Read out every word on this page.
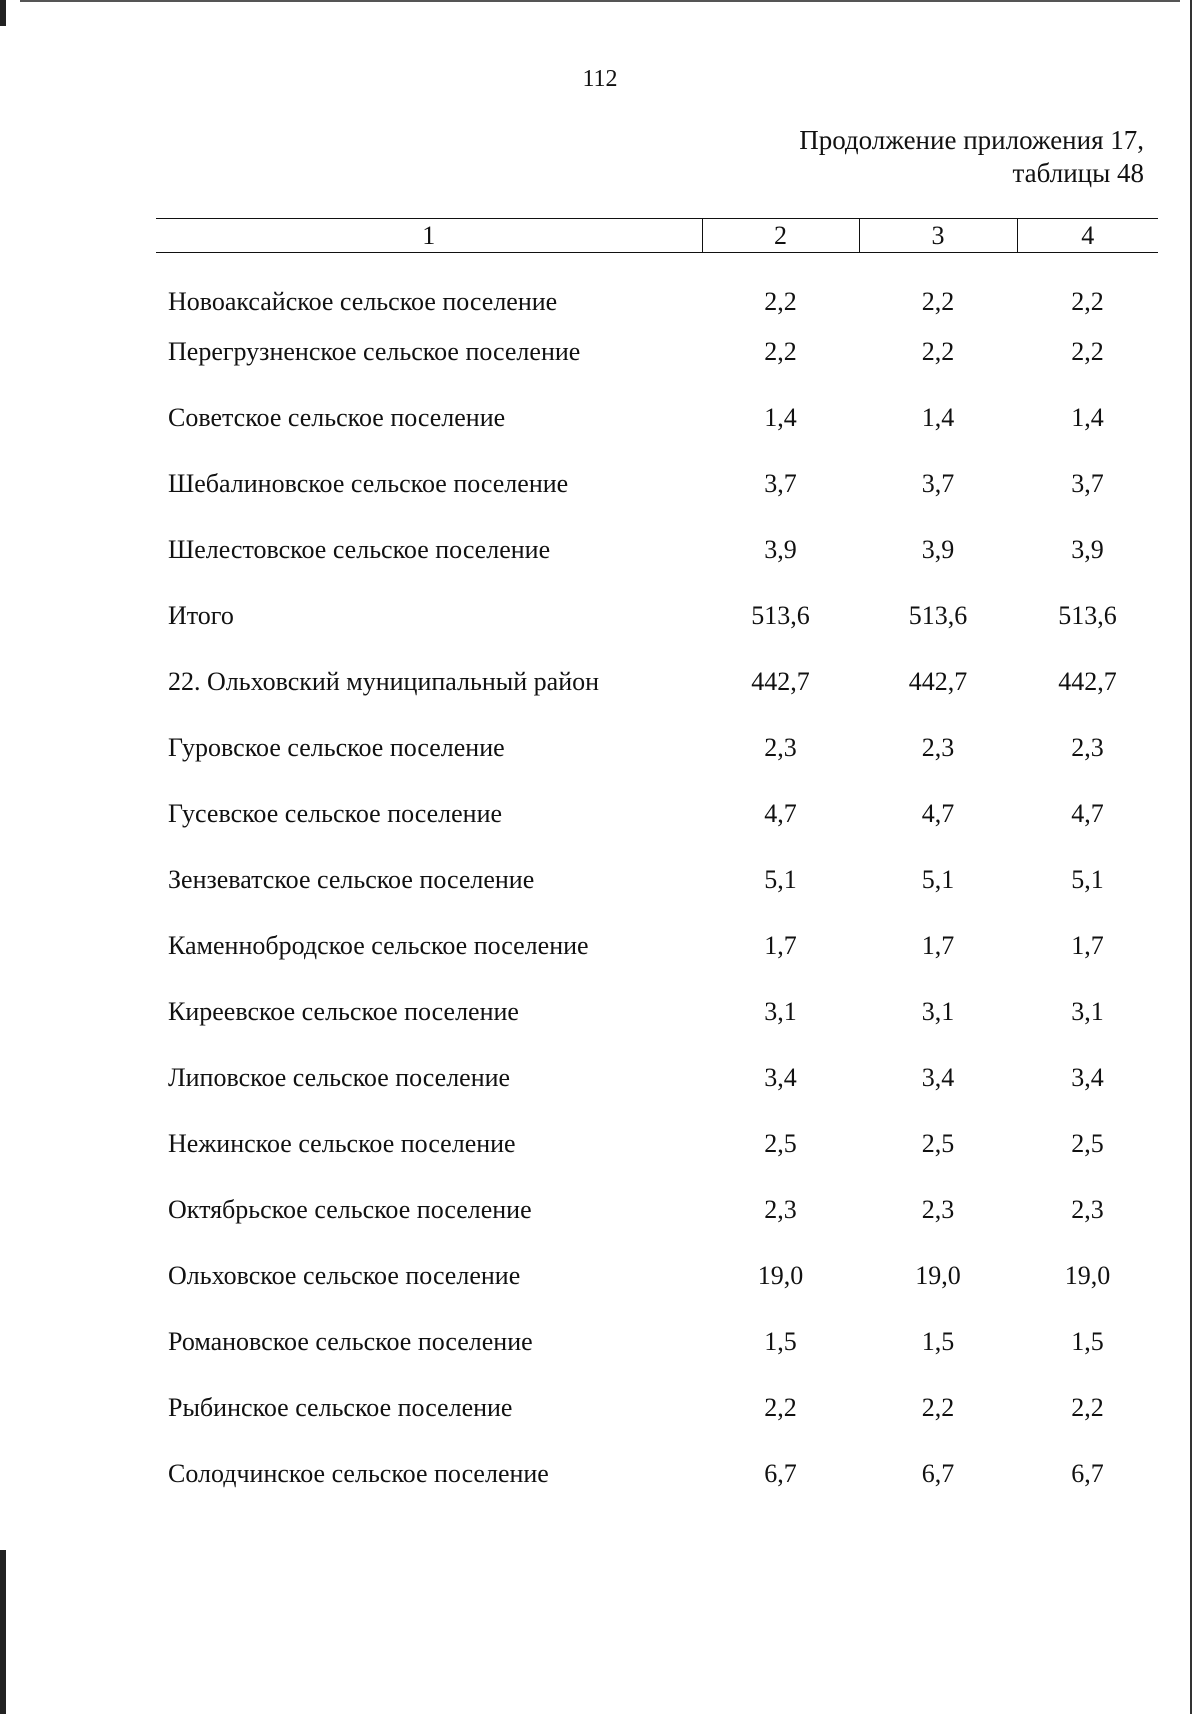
112
Продолжение приложения 17,
таблицы 48
1	2	3	4
Новоаксайское сельское поселение	2,2	2,2	2,2
Перегрузненское сельское поселение	2,2	2,2	2,2
Советское сельское поселение	1,4	1,4	1,4
Шебалиновское сельское поселение	3,7	3,7	3,7
Шелестовское сельское поселение	3,9	3,9	3,9
Итого	513,6	513,6	513,6
22. Ольховский муниципальный район	442,7	442,7	442,7
Гуровское сельское поселение	2,3	2,3	2,3
Гусевское сельское поселение	4,7	4,7	4,7
Зензеватское сельское поселение	5,1	5,1	5,1
Каменнобродское сельское поселение	1,7	1,7	1,7
Киреевское сельское поселение	3,1	3,1	3,1
Липовское сельское поселение	3,4	3,4	3,4
Нежинское сельское поселение	2,5	2,5	2,5
Октябрьское сельское поселение	2,3	2,3	2,3
Ольховское сельское поселение	19,0	19,0	19,0
Романовское сельское поселение	1,5	1,5	1,5
Рыбинское сельское поселение	2,2	2,2	2,2
Солодчинское сельское поселение	6,7	6,7	6,7
